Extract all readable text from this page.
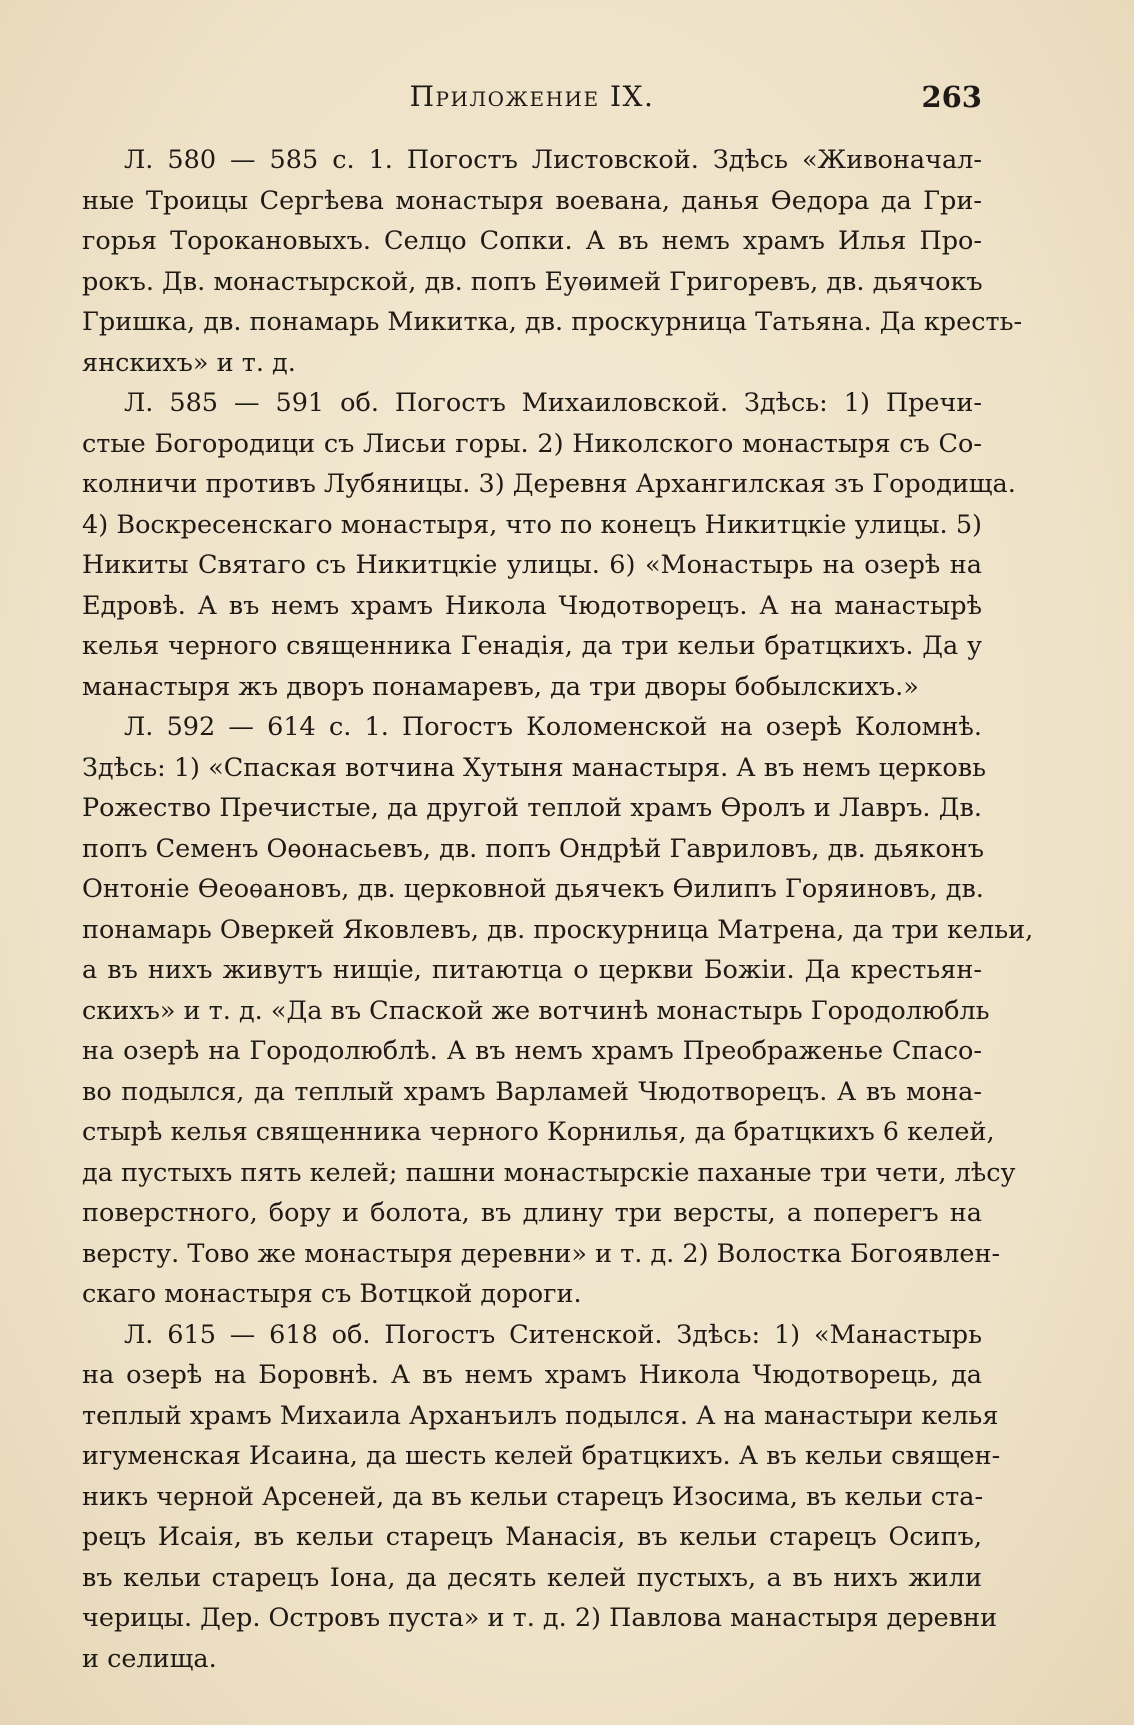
Приложение IX.	263
Л. 580 — 585 с. 1. Погостъ Листовской. Здѣсь «Живоначал-
ные Троицы Сергѣева монастыря воевана, данья Ѳедора да Гри-
горья Тороканoвыхъ. Селцо Сопки. А въ немъ храмъ Илья Про-
рокъ. Дв. монастырской, дв. попъ Еуѳимей Григоревъ, дв. дьячокъ
Гришка, дв. понамарь Микитка, дв. проскурница Татьяна. Да кресть-
янскихъ» и т. д.
Л. 585 — 591 об. Погостъ Михаиловской. Здѣсь: 1) Пречи-
стые Богородици съ Лисьи горы. 2) Николского монастыря съ Со-
колничи противъ Лубяницы. 3) Деревня Архангилская зъ Городища.
4) Воскресенскаго монастыря, что по конецъ Никитцкіе улицы. 5)
Никиты Святаго съ Никитцкіе улицы. 6) «Монастырь на озерѣ на
Едровѣ. А въ немъ храмъ Никола Чюдотворецъ. А на манастырѣ
келья черного священника Генадія, да три кельи братцкихъ. Да у
манастыря жъ дворъ понамаревъ, да три дворы бобылскихъ.»
Л. 592 — 614 с. 1. Погостъ Коломенской на озерѣ Коломнѣ.
Здѣсь: 1) «Спаская вотчина Хутыня манастыря. А въ немъ церковь
Рожество Пречистые, да другой теплой храмъ Ѳролъ и Лавръ. Дв.
попъ Семенъ Оѳонасьевъ, дв. попъ Ондрѣй Гавриловъ, дв. дьяконъ
Онтоніе Ѳеоѳановъ, дв. церковной дьячекъ Ѳилипъ Горяиновъ, дв.
понамарь Оверкей Яковлевъ, дв. проскурница Матрена, да три кельи,
а въ нихъ живутъ нищіе, питаютца о церкви Божіи. Да крестьян-
скихъ» и т. д. «Да въ Спаской же вотчинѣ монастырь Городолюбль
на озерѣ на Городолюблѣ. А въ немъ храмъ Преображенье Спасо-
во подылся, да теплый храмъ Варламей Чюдотворецъ. А въ мона-
стырѣ келья священника черного Корнилья, да братцкихъ 6 келей,
да пустыхъ пять келей; пашни монастырскіе паханые три чети, лѣсу
поверстного, бору и болота, въ длину три версты, а поперегъ на
версту. Тово же монастыря деревни» и т. д. 2) Волостка Богоявлен-
скаго монастыря съ Вотцкой дороги.
Л. 615 — 618 об. Погостъ Ситенской. Здѣсь: 1) «Манастырь
на озерѣ на Боровнѣ. А въ немъ храмъ Никола Чюдотворець, да
теплый храмъ Михаила Арханъилъ подылся. А на манастыри келья
игуменская Исаина, да шесть келей братцкихъ. А въ кельи священ-
никъ черной Арсеней, да въ кельи старецъ Изосима, въ кельи ста-
рецъ Исаія, въ кельи старецъ Манасія, въ кельи старецъ Осипъ,
въ кельи старецъ Іона, да десять келей пустыхъ, а въ нихъ жили
черицы. Дер. Островъ пуста» и т. д. 2) Павлова манастыря деревни
и селища.
